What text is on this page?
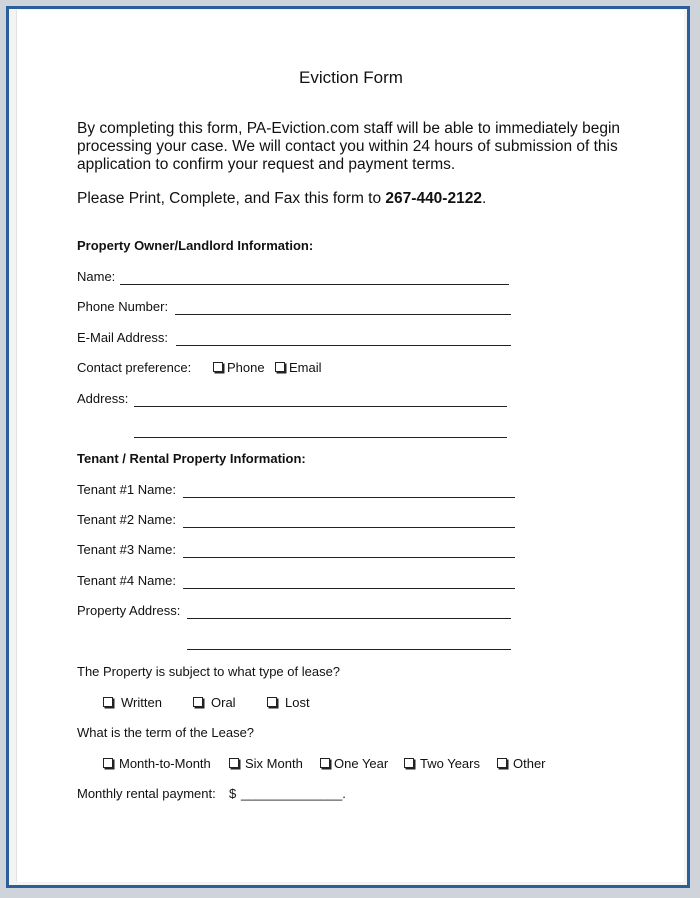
Eviction Form
By completing this form, PA-Eviction.com staff will be able to immediately begin processing your case. We will contact you within 24 hours of submission of this application to confirm your request and payment terms.
Please Print, Complete, and Fax this form to 267-440-2122.
Property Owner/Landlord Information:
Name:
Phone Number:
E-Mail Address:
Contact preference:	Phone	Email
Address:
Tenant / Rental Property Information:
Tenant #1 Name:
Tenant #2 Name:
Tenant #3 Name:
Tenant #4 Name:
Property Address:
The Property is subject to what type of lease?
Written	Oral	Lost
What is the term of the Lease?
Month-to-Month	Six Month	One Year	Two Years	Other
Monthly rental payment: $ ______________.
